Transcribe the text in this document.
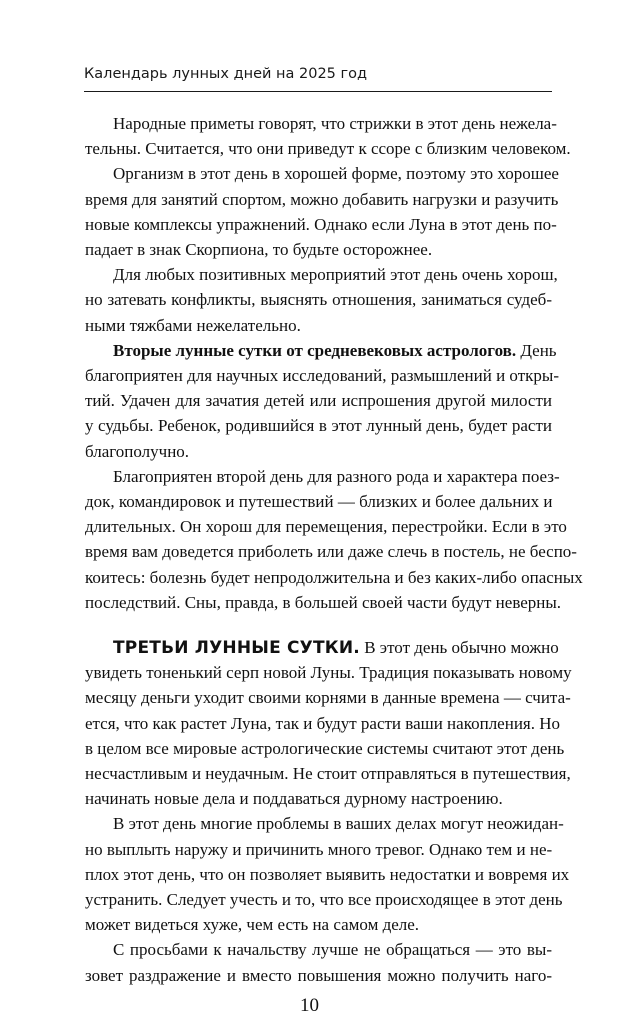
Календарь лунных дней на 2025 год
Народные приметы говорят, что стрижки в этот день нежела-
тельны. Считается, что они приведут к ссоре с близким человеком.
Организм в этот день в хорошей форме, поэтому это хорошее
время для занятий спортом, можно добавить нагрузки и разучить
новые комплексы упражнений. Однако если Луна в этот день по-
падает в знак Скорпиона, то будьте осторожнее.
Для любых позитивных мероприятий этот день очень хорош,
но затевать конфликты, выяснять отношения, заниматься судеб-
ными тяжбами нежелательно.
Вторые лунные сутки от средневековых астрологов. День
благоприятен для научных исследований, размышлений и откры-
тий. Удачен для зачатия детей или испрошения другой милости
у судьбы. Ребенок, родившийся в этот лунный день, будет расти
благополучно.
Благоприятен второй день для разного рода и характера поез-
док, командировок и путешествий — близких и более дальних и
длительных. Он хорош для перемещения, перестройки. Если в это
время вам доведется приболеть или даже слечь в постель, не беспо-
коитесь: болезнь будет непродолжительна и без каких-либо опасных
последствий. Сны, правда, в большей своей части будут неверны.
ТРЕТЬИ ЛУННЫЕ СУТКИ. В этот день обычно можно
увидеть тоненький серп новой Луны. Традиция показывать новому
месяцу деньги уходит своими корнями в данные времена — счита-
ется, что как растет Луна, так и будут расти ваши накопления. Но
в целом все мировые астрологические системы считают этот день
несчастливым и неудачным. Не стоит отправляться в путешествия,
начинать новые дела и поддаваться дурному настроению.
В этот день многие проблемы в ваших делах могут неожидан-
но выплыть наружу и причинить много тревог. Однако тем и не-
плох этот день, что он позволяет выявить недостатки и вовремя их
устранить. Следует учесть и то, что все происходящее в этот день
может видеться хуже, чем есть на самом деле.
С просьбами к начальству лучше не обращаться — это вы-
зовет раздражение и вместо повышения можно получить наго-
10
